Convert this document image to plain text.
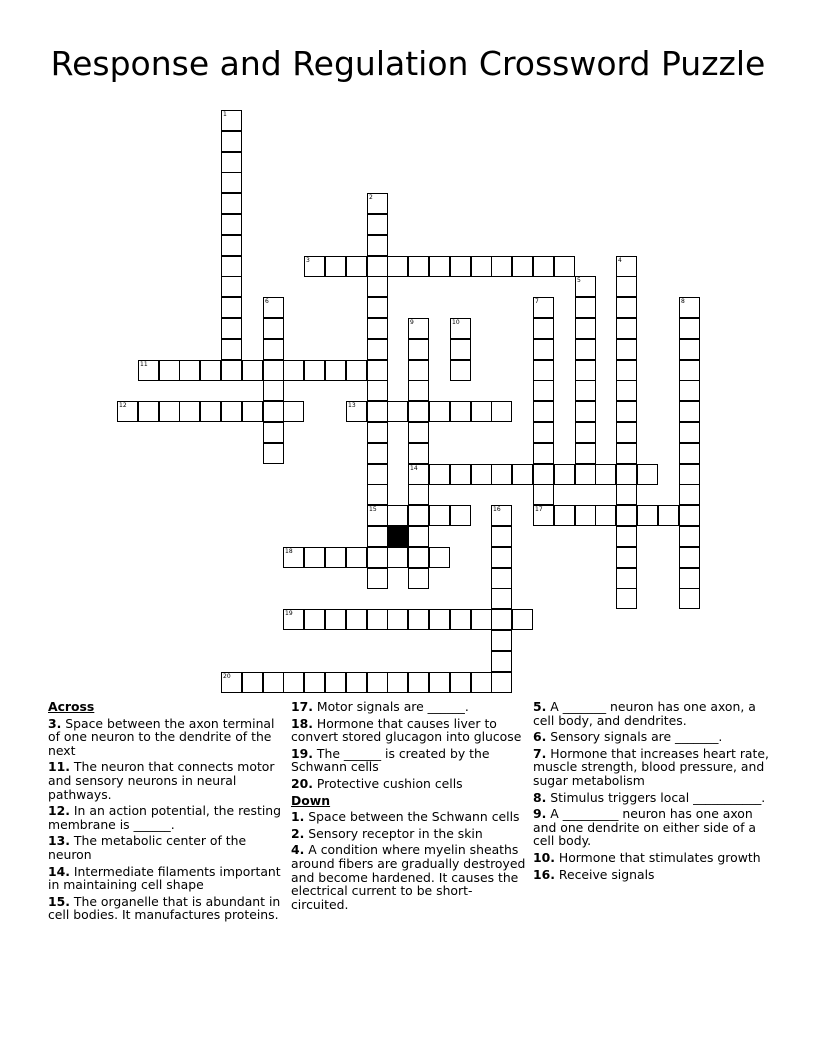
Response and Regulation Crossword Puzzle
1
2
15
3	4
5
6	7	8
9
14
10
11
12	13
16	17
18
19
20
Across
3. Space between the axon terminal of one neuron to the dendrite of the next
11. The neuron that connects motor and sensory neurons in neural pathways.
12. In an action potential, the resting membrane is ______.
13. The metabolic center of the neuron
14. Intermediate filaments important in maintaining cell shape
15. The organelle that is abundant in cell bodies. It manufactures proteins.
17. Motor signals are ______.
18. Hormone that causes liver to convert stored glucagon into glucose
19. The ______ is created by the Schwann cells
20. Protective cushion cells
Down
1. Space between the Schwann cells
2. Sensory receptor in the skin
4. A condition where myelin sheaths around fibers are gradually destroyed and become hardened. It causes the electrical current to be short-circuited.
5. A _______ neuron has one axon, a cell body, and dendrites.
6. Sensory signals are _______.
7. Hormone that increases heart rate, muscle strength, blood pressure, and sugar metabolism
8. Stimulus triggers local ___________.
9. A _________ neuron has one axon and one dendrite on either side of a cell body.
10. Hormone that stimulates growth
16. Receive signals
